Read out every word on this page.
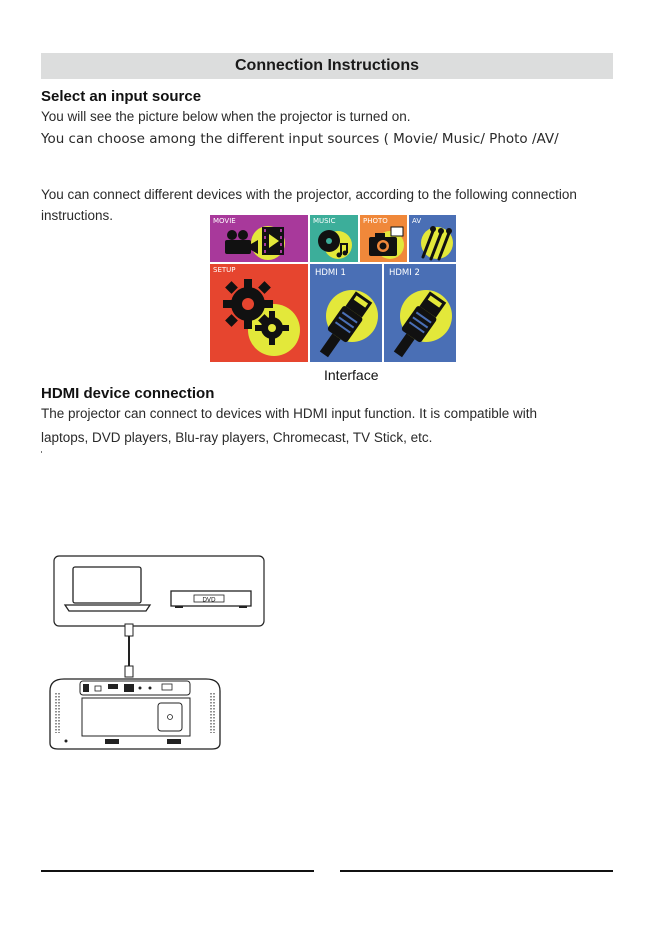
Connection Instructions
Select an input source
You will see the picture below when the projector is turned on.
You can choose among the different input sources ( Movie/ Music/ Photo /AV/
You can connect different devices with the projector, according to the following connection
instructions.	MOVIE	MUSIC	PHOTO	AV
SETUP	HDMI 1	HDMI 2
Interface
HDMI device connection
The projector can connect to devices with HDMI input function. It is compatible with
laptops, DVD players, Blu-ray players, Chromecast, TV Stick, etc.
DVD
